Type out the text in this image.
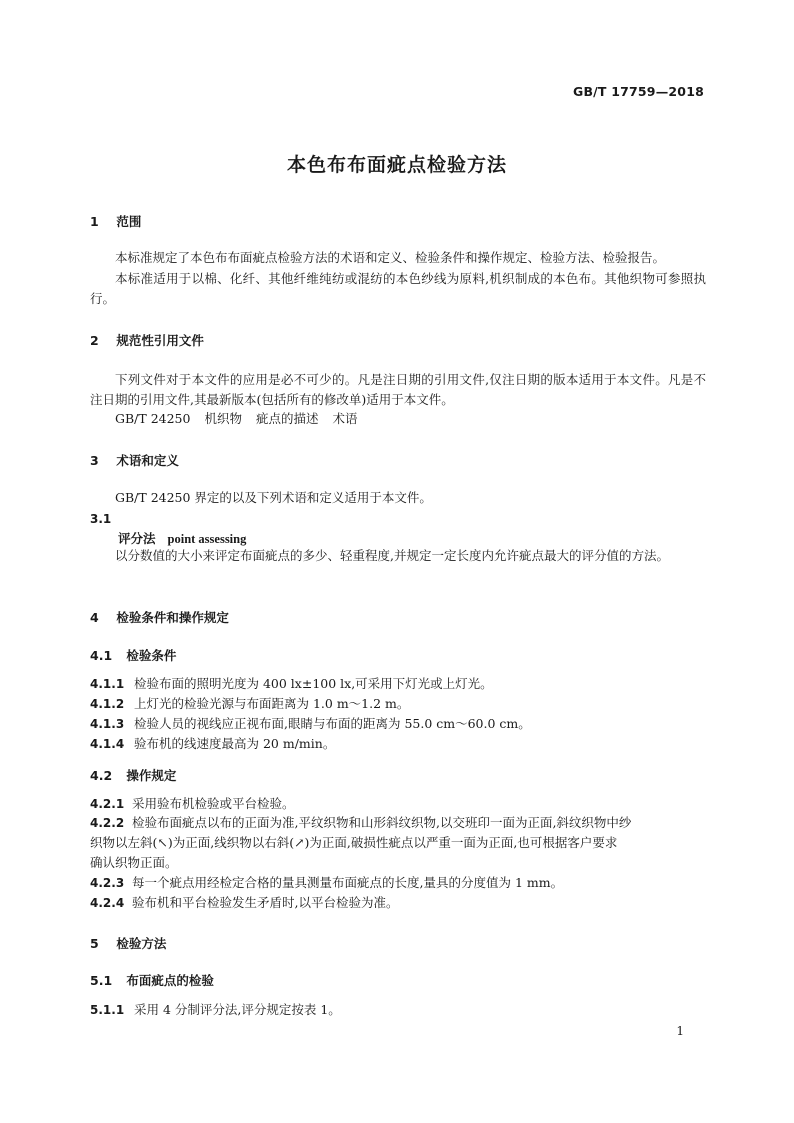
GB/T 17759—2018
本色布布面疵点检验方法
1 范围
本标准规定了本色布布面疵点检验方法的术语和定义、检验条件和操作规定、检验方法、检验报告。
本标准适用于以棉、化纤、其他纤维纯纺或混纺的本色纱线为原料,机织制成的本色布。其他织物可参照执行。
2 规范性引用文件
下列文件对于本文件的应用是必不可少的。凡是注日期的引用文件,仅注日期的版本适用于本文件。凡是不注日期的引用文件,其最新版本(包括所有的修改单)适用于本文件。
GB/T 24250 机织物 疵点的描述 术语
3 术语和定义
GB/T 24250 界定的以及下列术语和定义适用于本文件。
3.1
评分法 point assessing
以分数值的大小来评定布面疵点的多少、轻重程度,并规定一定长度内允许疵点最大的评分值的方法。
4 检验条件和操作规定
4.1 检验条件
4.1.1 检验布面的照明光度为 400 lx±100 lx,可采用下灯光或上灯光。
4.1.2 上灯光的检验光源与布面距离为 1.0 m～1.2 m。
4.1.3 检验人员的视线应正视布面,眼睛与布面的距离为 55.0 cm～60.0 cm。
4.1.4 验布机的线速度最高为 20 m/min。
4.2 操作规定
4.2.1 采用验布机检验或平台检验。
4.2.2 检验布面疵点以布的正面为准,平纹织物和山形斜纹织物,以交班印一面为正面,斜纹织物中纱
织物以左斜(↖)为正面,线织物以右斜(↗)为正面,破损性疵点以严重一面为正面,也可根据客户要求
确认织物正面。
4.2.3 每一个疵点用经检定合格的量具测量布面疵点的长度,量具的分度值为 1 mm。
4.2.4 验布机和平台检验发生矛盾时,以平台检验为准。
5 检验方法
5.1 布面疵点的检验
5.1.1 采用 4 分制评分法,评分规定按表 1。
1
